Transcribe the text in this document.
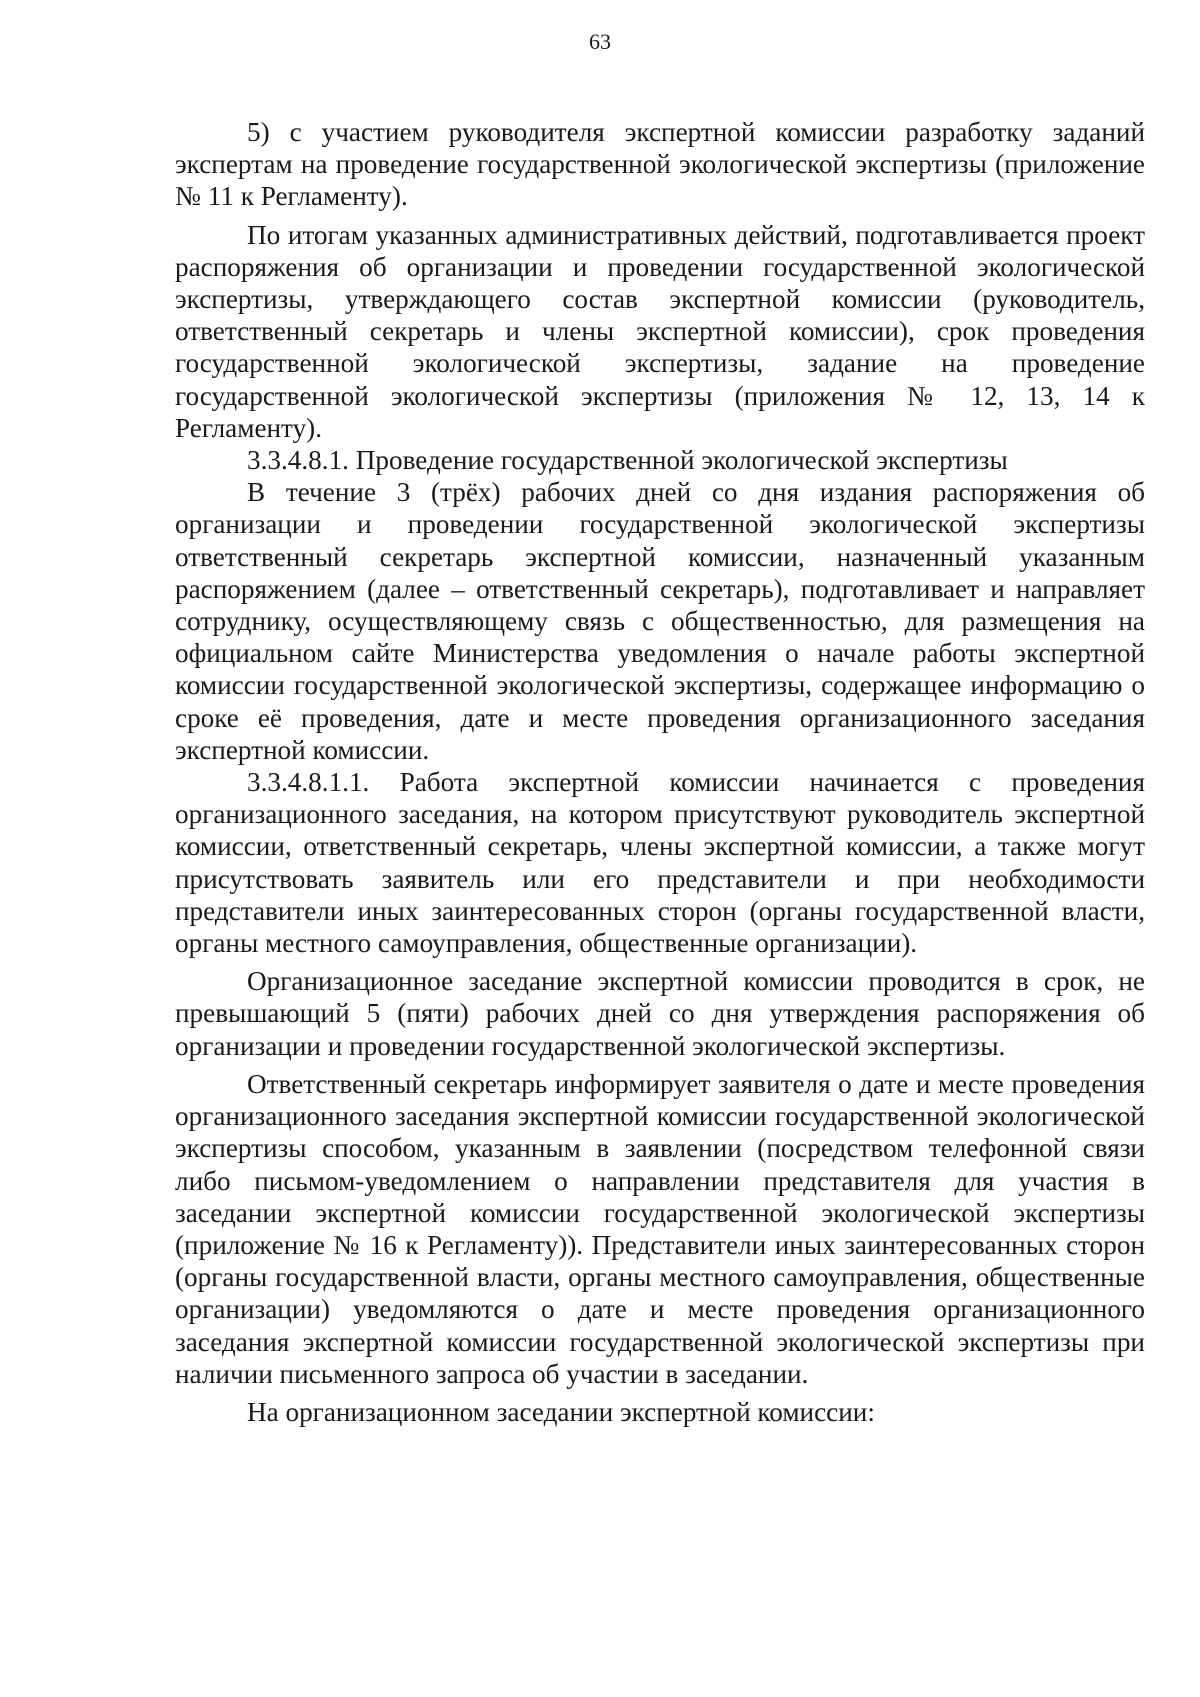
63

5) с участием руководителя экспертной комиссии разработку заданий экспертам на проведение государственной экологической экспертизы (приложение № 11 к Регламенту).

По итогам указанных административных действий, подготавливается проект распоряжения об организации и проведении государственной экологической экспертизы, утверждающего состав экспертной комиссии (руководитель, ответственный секретарь и члены экспертной комиссии), срок проведения государственной экологической экспертизы, задание на проведение государственной экологической экспертизы (приложения № 12, 13, 14 к Регламенту).

3.3.4.8.1. Проведение государственной экологической экспертизы

В течение 3 (трёх) рабочих дней со дня издания распоряжения об организации и проведении государственной экологической экспертизы ответственный секретарь экспертной комиссии, назначенный указанным распоряжением (далее – ответственный секретарь), подготавливает и направляет сотруднику, осуществляющему связь с общественностью, для размещения на официальном сайте Министерства уведомления о начале работы экспертной комиссии государственной экологической экспертизы, содержащее информацию о сроке её проведения, дате и месте проведения организационного заседания экспертной комиссии.

3.3.4.8.1.1. Работа экспертной комиссии начинается с проведения организационного заседания, на котором присутствуют руководитель экспертной комиссии, ответственный секретарь, члены экспертной комиссии, а также могут присутствовать заявитель или его представители и при необходимости представители иных заинтересованных сторон (органы государственной власти, органы местного самоуправления, общественные организации).

Организационное заседание экспертной комиссии проводится в срок, не превышающий 5 (пяти) рабочих дней со дня утверждения распоряжения об организации и проведении государственной экологической экспертизы.

Ответственный секретарь информирует заявителя о дате и месте проведения организационного заседания экспертной комиссии государственной экологической экспертизы способом, указанным в заявлении (посредством телефонной связи либо письмом-уведомлением о направлении представителя для участия в заседании экспертной комиссии государственной экологической экспертизы (приложение № 16 к Регламенту)). Представители иных заинтересованных сторон (органы государственной власти, органы местного самоуправления, общественные организации) уведомляются о дате и месте проведения организационного заседания экспертной комиссии государственной экологической экспертизы при наличии письменного запроса об участии в заседании.

На организационном заседании экспертной комиссии:
